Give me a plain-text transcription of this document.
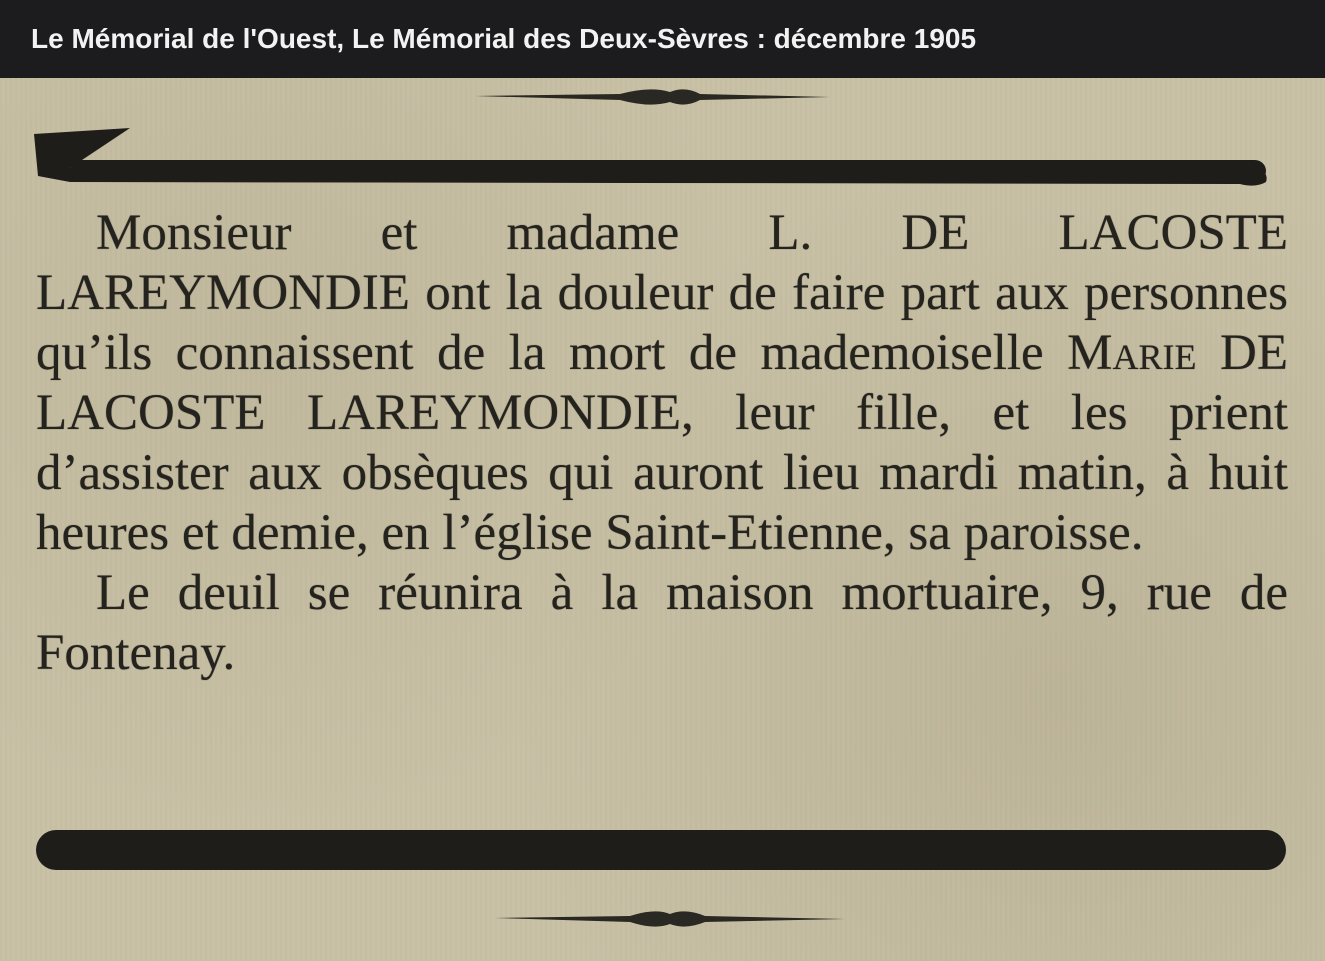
Le Mémorial de l'Ouest, Le Mémorial des Deux-Sèvres : décembre 1905

Monsieur et madame L. DE LACOSTE LAREYMONDIE ont la douleur de faire part aux personnes qu’ils connaissent de la mort de mademoiselle Marie DE LACOSTE LAREYMONDIE, leur fille, et les prient d’assister aux obsèques qui auront lieu mardi matin, à huit heures et demie, en l’église Saint-Etienne, sa paroisse.

Le deuil se réunira à la maison mortuaire, 9, rue de Fontenay.
